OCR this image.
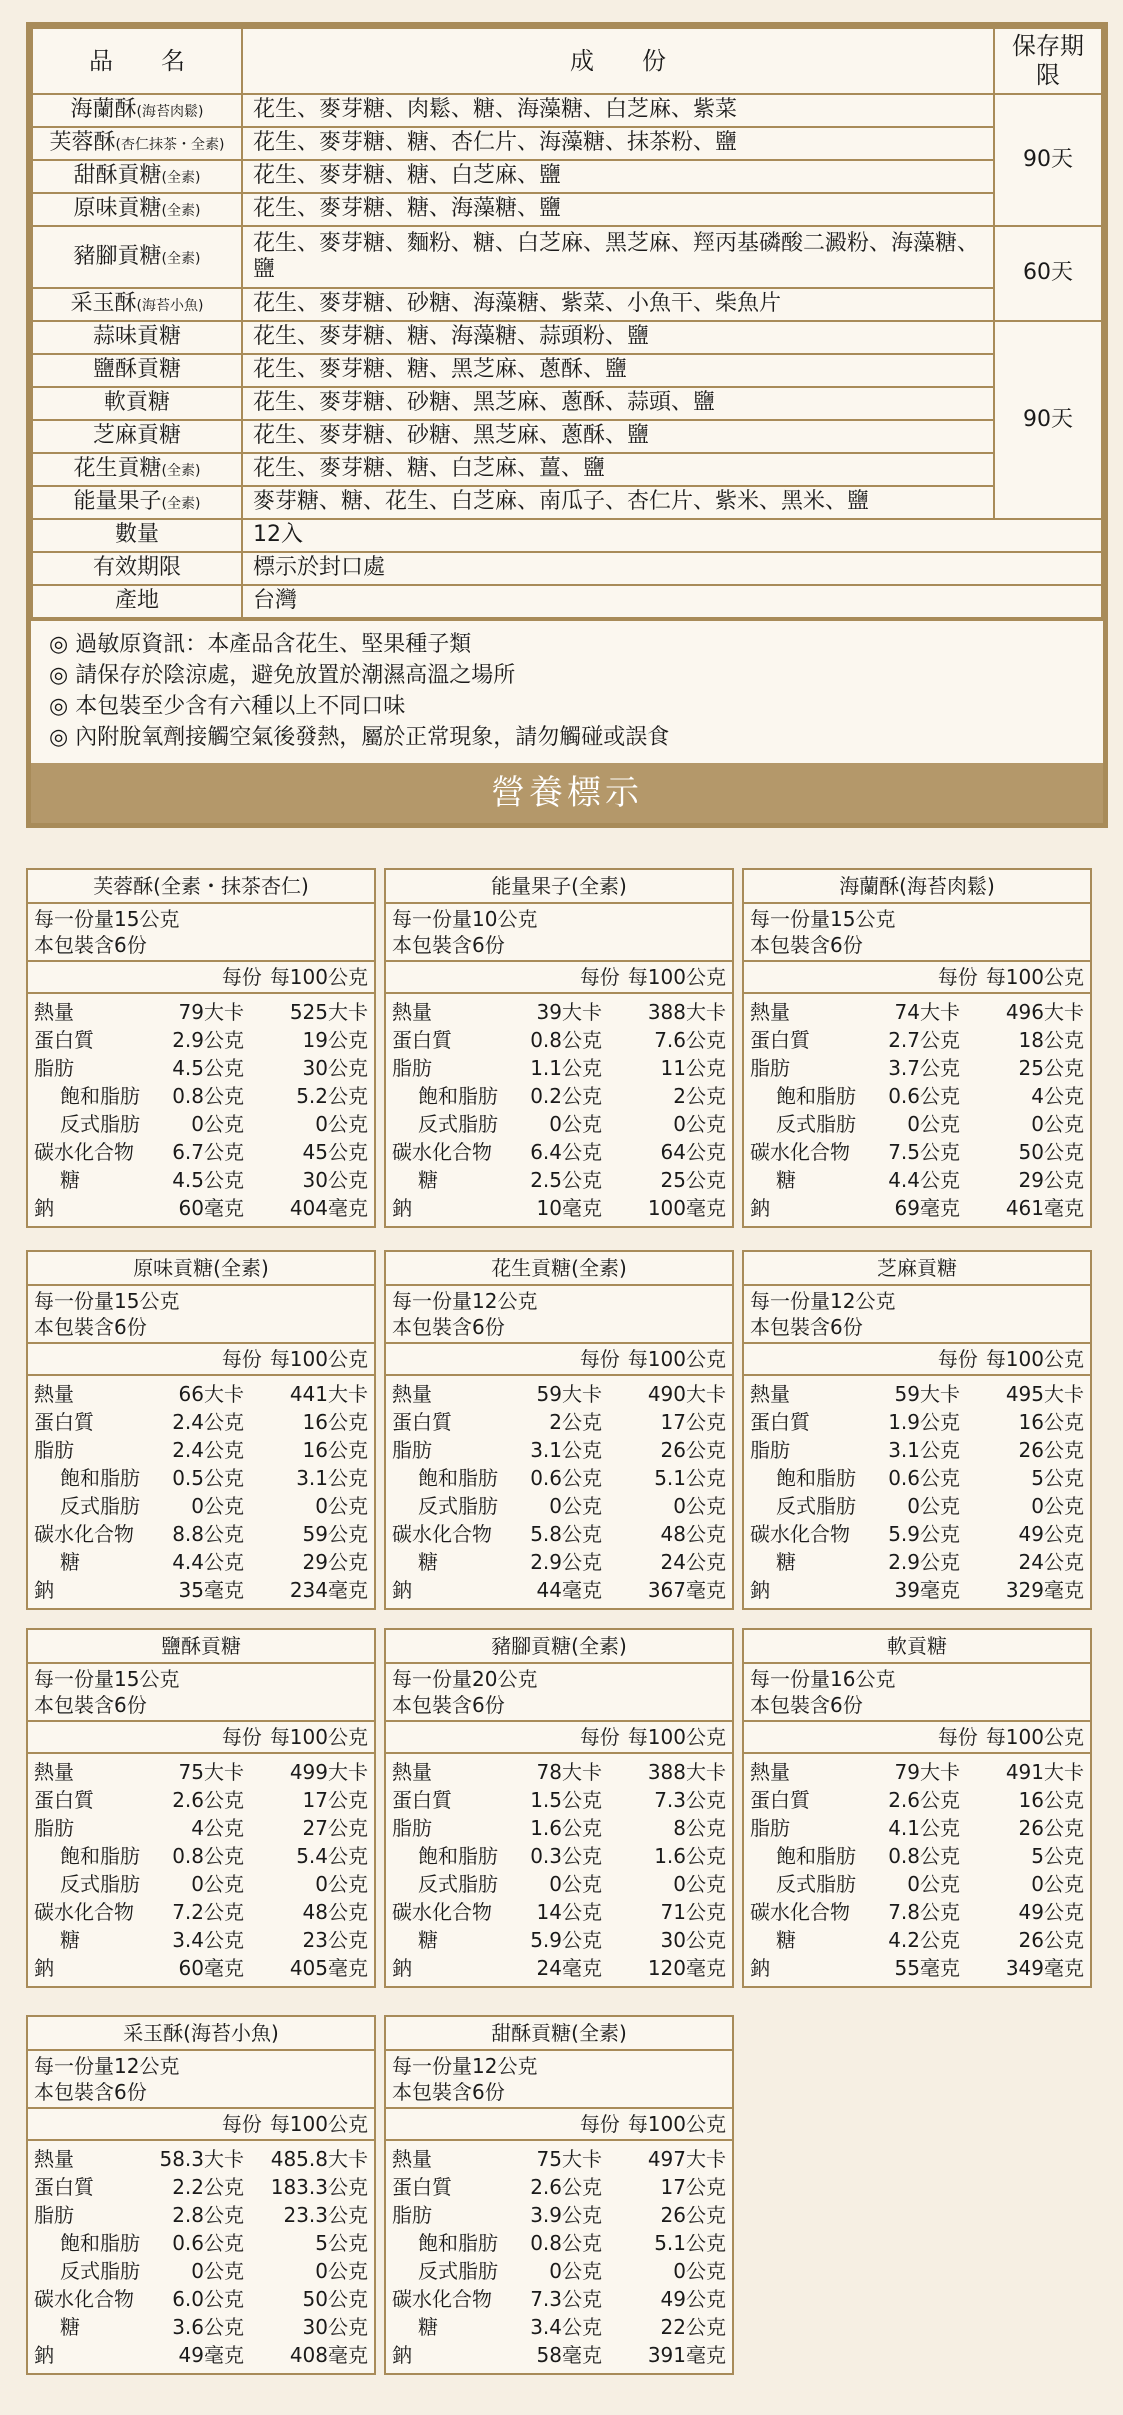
品　　名	成　　份	保存期限
海蘭酥(海苔肉鬆)	花生、麥芽糖、肉鬆、糖、海藻糖、白芝麻、紫菜	90天
芙蓉酥(杏仁抹茶・全素)	花生、麥芽糖、糖、杏仁片、海藻糖、抹茶粉、鹽	
甜酥貢糖(全素)	花生、麥芽糖、糖、白芝麻、鹽	
原味貢糖(全素)	花生、麥芽糖、糖、海藻糖、鹽	
豬腳貢糖(全素)	花生、麥芽糖、麵粉、糖、白芝麻、黑芝麻、羥丙基磷酸二澱粉、海藻糖、鹽	60天
采玉酥(海苔小魚)	花生、麥芽糖、砂糖、海藻糖、紫菜、小魚干、柴魚片	
蒜味貢糖	花生、麥芽糖、糖、海藻糖、蒜頭粉、鹽	90天
鹽酥貢糖	花生、麥芽糖、糖、黑芝麻、蔥酥、鹽	
軟貢糖	花生、麥芽糖、砂糖、黑芝麻、蔥酥、蒜頭、鹽	
芝麻貢糖	花生、麥芽糖、砂糖、黑芝麻、蔥酥、鹽	
花生貢糖(全素)	花生、麥芽糖、糖、白芝麻、薑、鹽	
能量果子(全素)	麥芽糖、糖、花生、白芝麻、南瓜子、杏仁片、紫米、黑米、鹽	
數量	12入	
有效期限	標示於封口處	
產地	台灣	
◎ 過敏原資訊：本產品含花生、堅果種子類
◎ 請保存於陰涼處，避免放置於潮濕高溫之場所
◎ 本包裝至少含有六種以上不同口味
◎ 內附脫氧劑接觸空氣後發熱，屬於正常現象，請勿觸碰或誤食
營養標示
芙蓉酥(全素・抹茶杏仁)
每一份量15公克
本包裝含6份
每份 每100公克
熱量	79大卡	525大卡
蛋白質	2.9公克	19公克
脂肪	4.5公克	30公克
飽和脂肪	0.8公克	5.2公克
反式脂肪	0公克	0公克
碳水化合物	6.7公克	45公克
糖	4.5公克	30公克
鈉	60毫克	404毫克
能量果子(全素)
每一份量10公克
本包裝含6份
每份 每100公克
熱量	39大卡	388大卡
蛋白質	0.8公克	7.6公克
脂肪	1.1公克	11公克
飽和脂肪	0.2公克	2公克
反式脂肪	0公克	0公克
碳水化合物	6.4公克	64公克
糖	2.5公克	25公克
鈉	10毫克	100毫克
海蘭酥(海苔肉鬆)
每一份量15公克
本包裝含6份
每份 每100公克
熱量	74大卡	496大卡
蛋白質	2.7公克	18公克
脂肪	3.7公克	25公克
飽和脂肪	0.6公克	4公克
反式脂肪	0公克	0公克
碳水化合物	7.5公克	50公克
糖	4.4公克	29公克
鈉	69毫克	461毫克
原味貢糖(全素)
每一份量15公克
本包裝含6份
每份 每100公克
熱量	66大卡	441大卡
蛋白質	2.4公克	16公克
脂肪	2.4公克	16公克
飽和脂肪	0.5公克	3.1公克
反式脂肪	0公克	0公克
碳水化合物	8.8公克	59公克
糖	4.4公克	29公克
鈉	35毫克	234毫克
花生貢糖(全素)
每一份量12公克
本包裝含6份
每份 每100公克
熱量	59大卡	490大卡
蛋白質	2公克	17公克
脂肪	3.1公克	26公克
飽和脂肪	0.6公克	5.1公克
反式脂肪	0公克	0公克
碳水化合物	5.8公克	48公克
糖	2.9公克	24公克
鈉	44毫克	367毫克
芝麻貢糖
每一份量12公克
本包裝含6份
每份 每100公克
熱量	59大卡	495大卡
蛋白質	1.9公克	16公克
脂肪	3.1公克	26公克
飽和脂肪	0.6公克	5公克
反式脂肪	0公克	0公克
碳水化合物	5.9公克	49公克
糖	2.9公克	24公克
鈉	39毫克	329毫克
鹽酥貢糖
每一份量15公克
本包裝含6份
每份 每100公克
熱量	75大卡	499大卡
蛋白質	2.6公克	17公克
脂肪	4公克	27公克
飽和脂肪	0.8公克	5.4公克
反式脂肪	0公克	0公克
碳水化合物	7.2公克	48公克
糖	3.4公克	23公克
鈉	60毫克	405毫克
豬腳貢糖(全素)
每一份量20公克
本包裝含6份
每份 每100公克
熱量	78大卡	388大卡
蛋白質	1.5公克	7.3公克
脂肪	1.6公克	8公克
飽和脂肪	0.3公克	1.6公克
反式脂肪	0公克	0公克
碳水化合物	14公克	71公克
糖	5.9公克	30公克
鈉	24毫克	120毫克
軟貢糖
每一份量16公克
本包裝含6份
每份 每100公克
熱量	79大卡	491大卡
蛋白質	2.6公克	16公克
脂肪	4.1公克	26公克
飽和脂肪	0.8公克	5公克
反式脂肪	0公克	0公克
碳水化合物	7.8公克	49公克
糖	4.2公克	26公克
鈉	55毫克	349毫克
采玉酥(海苔小魚)
每一份量12公克
本包裝含6份
每份 每100公克
熱量	58.3大卡	485.8大卡
蛋白質	2.2公克	183.3公克
脂肪	2.8公克	23.3公克
飽和脂肪	0.6公克	5公克
反式脂肪	0公克	0公克
碳水化合物	6.0公克	50公克
糖	3.6公克	30公克
鈉	49毫克	408毫克
甜酥貢糖(全素)
每一份量12公克
本包裝含6份
每份 每100公克
熱量	75大卡	497大卡
蛋白質	2.6公克	17公克
脂肪	3.9公克	26公克
飽和脂肪	0.8公克	5.1公克
反式脂肪	0公克	0公克
碳水化合物	7.3公克	49公克
糖	3.4公克	22公克
鈉	58毫克	391毫克
